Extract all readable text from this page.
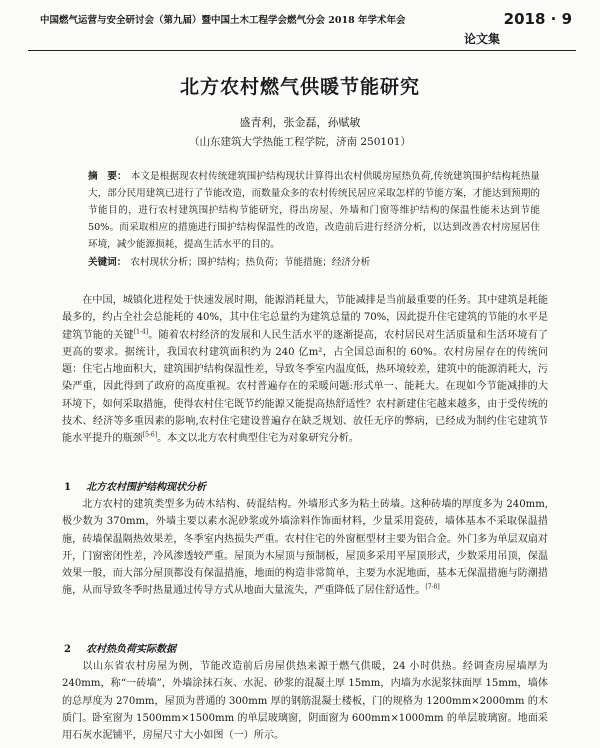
中国燃气运营与安全研讨会（第九届）暨中国土木工程学会燃气分会 2018 年学术年会	2018 · 9
论文集
北方农村燃气供暖节能研究
盛青利，张金磊，孙赋敏
（山东建筑大学热能工程学院，济南 250101）
摘　要： 本文是根据现农村传统建筑围护结构现状计算得出农村供暖房屋热负荷,传统建筑围护结构耗热量大，部分民用建筑已进行了节能改造，而数量众多的农村传统民居应采取怎样的节能方案，才能达到预期的节能目的，进行农村建筑围护结构节能研究，得出房屋、外墙和门窗等维护结构的保温性能未达到节能 50%。而采取相应的措施进行围护结构保温性的改造，改造前后进行经济分析，以达到改善农村房屋居住环境，减少能源损耗，提高生活水平的目的。
关键词： 农村现状分析；围护结构；热负荷；节能措施；经济分析
在中国，城镇化进程处于快速发展时期，能源消耗量大，节能减排是当前最重要的任务。其中建筑是耗能最多的，约占全社会总能耗的 40%，其中住宅总量约为建筑总量的 70%，因此提升住宅建筑的节能的水平是建筑节能的关键[1-4]。随着农村经济的发展和人民生活水平的逐渐提高，农村居民对生活质量和生活环境有了更高的要求。据统计，我国农村建筑面积约为 240 亿m²，占全国总面积的 60%。农村房屋存在的传统问题：住宅占地面积大，建筑围护结构保温性差，导致冬季室内温度低，热环境较差，建筑中的能源消耗大，污染严重，因此得到了政府的高度重视。农村普遍存在的采暖问题:形式单一、能耗大。在现如今节能减排的大环境下，如何采取措施，使得农村住宅既节约能源又能提高热舒适性？农村新建住宅越来越多，由于受传统的技术、经济等多重因素的影响,农村住宅建设普遍存在缺乏规划、放任无序的弊病，已经成为制约住宅建筑节能水平提升的瓶颈[5-6]。本文以北方农村典型住宅为对象研究分析。
1 北方农村围护结构现状分析
北方农村的建筑类型多为砖木结构、砖混结构。外墙形式多为粘土砖墙。这种砖墙的厚度多为 240mm,极少数为 370mm，外墙主要以素水泥砂浆或外墙涂料作饰面材料，少量采用瓷砖，墙体基本不采取保温措施，砖墙保温隔热效果差，冬季室内热损失严重。农村住宅的外窗框型材主要为铝合金。外门多为单层双扇对开，门窗密闭性差，冷风渗透较严重。屋顶为木屋顶与预制板，屋顶多采用平屋顶形式，少数采用吊顶，保温效果一般，而大部分屋顶都没有保温措施，地面的构造非常简单，主要为水泥地面，基本无保温措施与防潮措施，从而导致冬季时热量通过传导方式从地面大量流失，严重降低了居住舒适性。[7-8]
2 农村热负荷实际数据
以山东省农村房屋为例，节能改造前后房屋供热来源于燃气供暖，24 小时供热。经调查房屋墙厚为 240mm，称“一砖墙”，外墙涂抹石灰、水泥、砂浆的混凝土厚 15mm，内墙为水泥浆抹面厚 15mm，墙体的总厚度为 270mm，屋顶为普通的 300mm 厚的钢筋混凝土楼板，门的规格为 1200mm×2000mm 的木质门。卧室窗为 1500mm×1500mm 的单层玻璃窗，阴面窗为 600mm×1000mm 的单层玻璃窗。地面采用石灰水泥铺平，房屋尺寸大小如图（一）所示。
